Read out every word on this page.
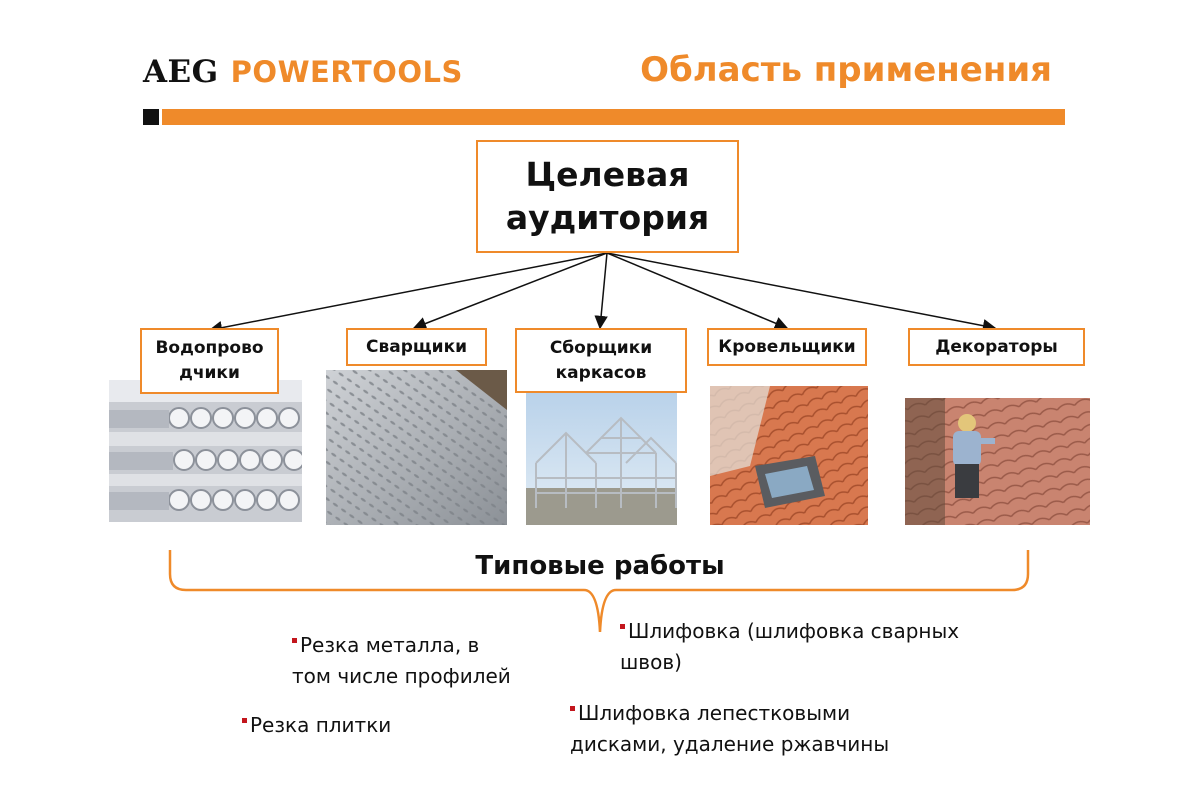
AEG POWERTOOLS	Область применения
Целевая
аудитория
Водопрово
дчики
Сварщики	Сборщики
каркасов
Кровельщики	Декораторы
Типовые работы
Резка металла, в
том числе профилей
Шлифовка (шлифовка сварных
швов)
Резка плитки	Шлифовка лепестковыми
дисками, удаление ржавчины
